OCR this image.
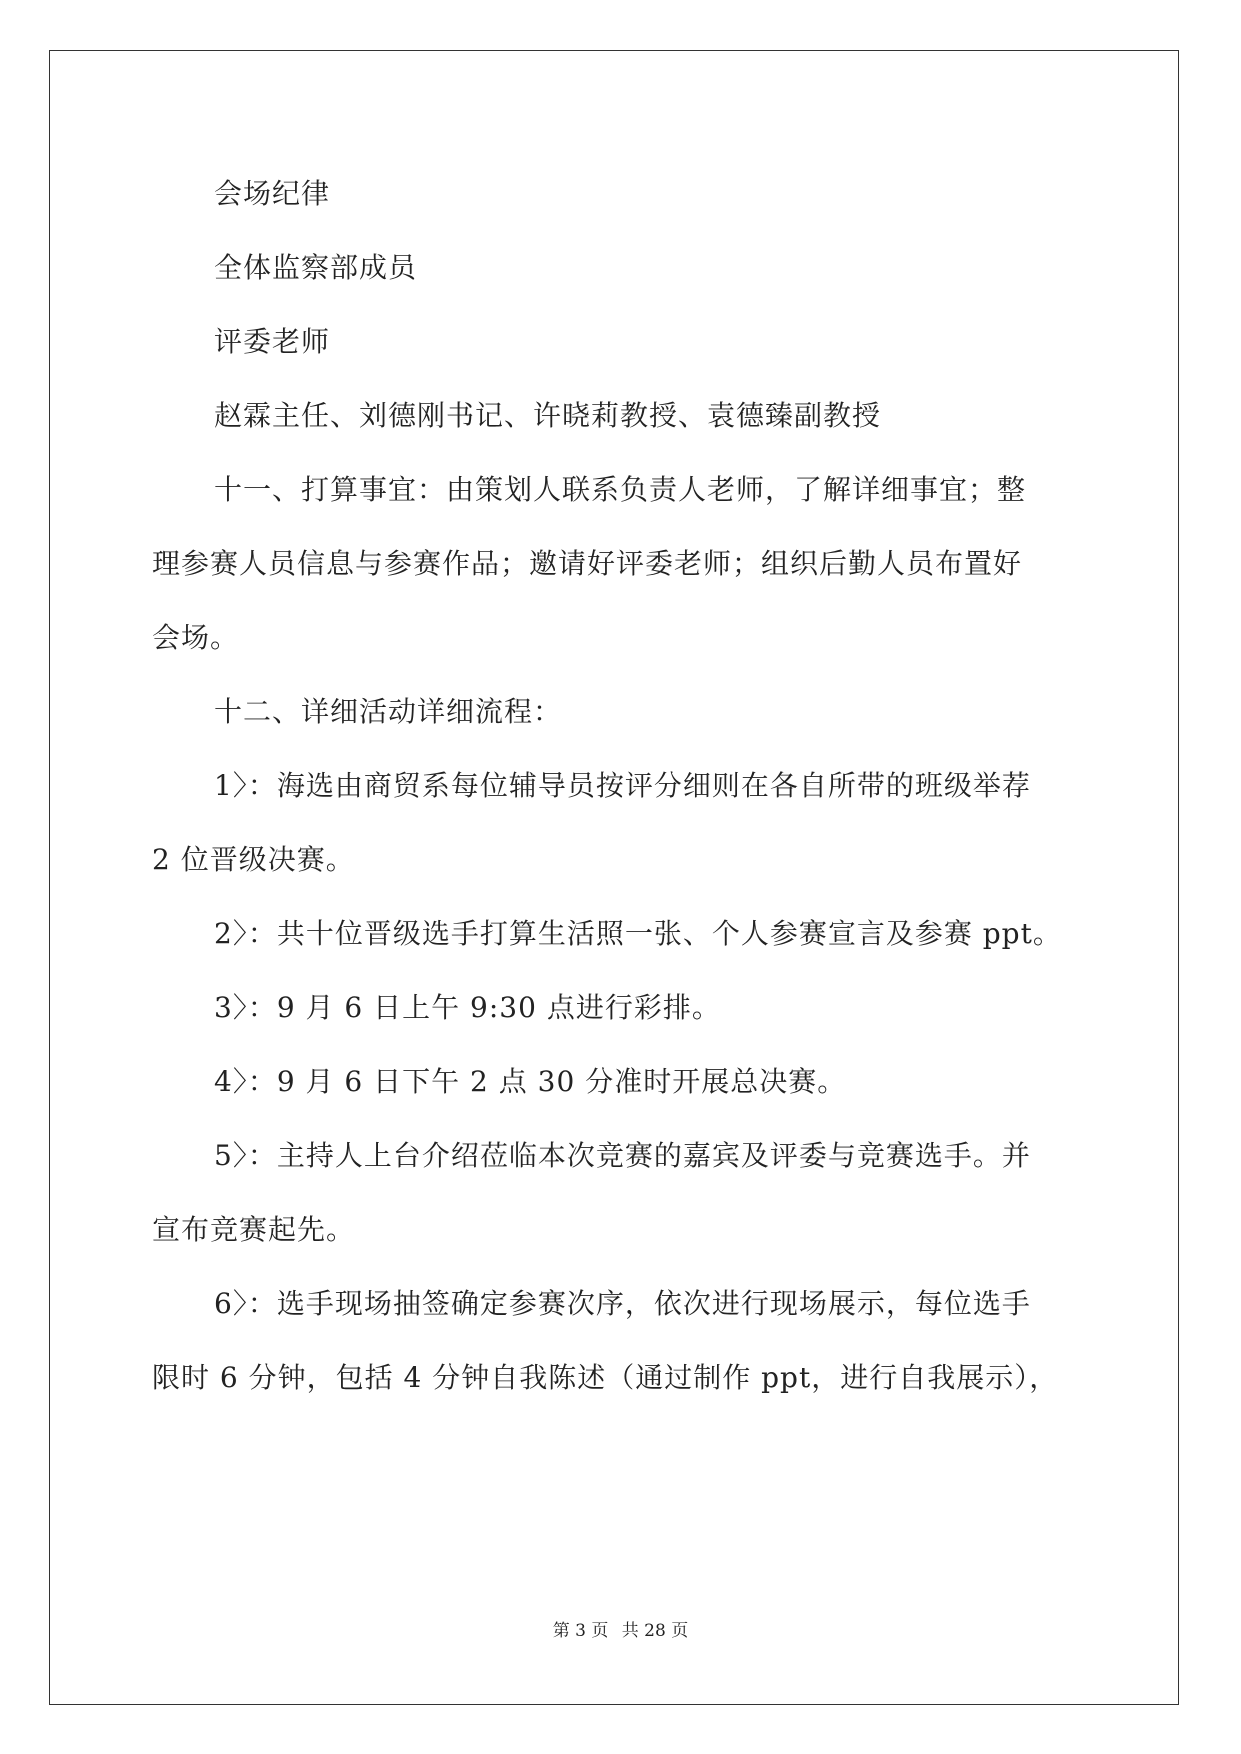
会场纪律

全体监察部成员

评委老师

赵霖主任、刘德刚书记、许晓莉教授、袁德臻副教授

十一、打算事宜：由策划人联系负责人老师，了解详细事宜；整

理参赛人员信息与参赛作品；邀请好评委老师；组织后勤人员布置好

会场。

十二、详细活动详细流程：

1〉：海选由商贸系每位辅导员按评分细则在各自所带的班级举荐

2 位晋级决赛。

2〉：共十位晋级选手打算生活照一张、个人参赛宣言及参赛 ppt。

3〉：9 月 6 日上午 9:30 点进行彩排。

4〉：9 月 6 日下午 2 点 30 分准时开展总决赛。

5〉：主持人上台介绍莅临本次竞赛的嘉宾及评委与竞赛选手。并

宣布竞赛起先。

6〉：选手现场抽签确定参赛次序，依次进行现场展示，每位选手

限时 6 分钟，包括 4 分钟自我陈述（通过制作 ppt，进行自我展示），

第 3 页 共 28 页
